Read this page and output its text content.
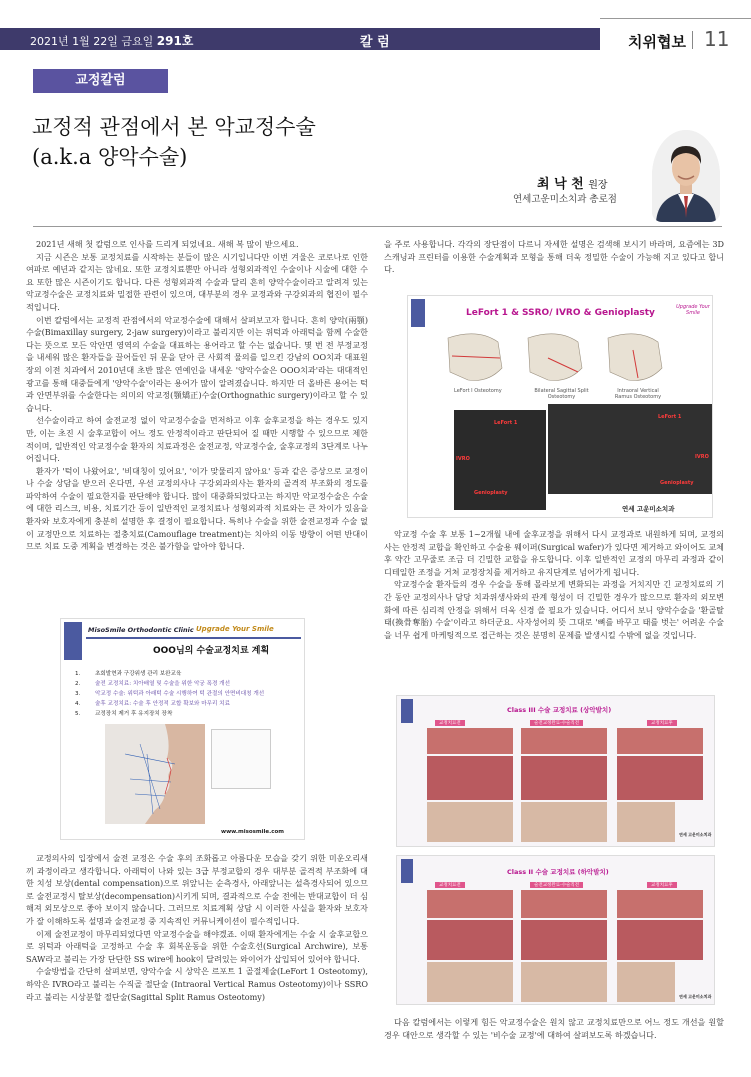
2021년 1월 22일 금요일 291호	칼 럼	치위협보 11
교정칼럼
교정적 관점에서 본 악교정수술
(a.k.a 양악수술)
최 낙 천 원장
연세고운미소치과 총로점

2021년 새해 첫 칼럼으로 인사를 드리게 되었네요. 새해 복 많이 받으세요.

지금 시즌은 보통 교정치료를 시작하는 분들이 많은 시기입니다만 이번 겨울은 코로나로 인한 여파로 예년과 같지는 않네요. 또한 교정치료뿐만 아니라 성형외과적인 수술이나 시술에 대한 수요 또한 많은 시즌이기도 합니다. 다른 성형외과적 수술과 달리 흔히 양악수술이라고 알려져 있는 악교정수술은 교정치료와 밀접한 관련이 있으며, 대부분의 경우 교정과와 구강외과의 협진이 필수적입니다.

이번 칼럼에서는 교정적 관점에서의 악교정수술에 대해서 살펴보고자 합니다. 흔히 양악(兩顎)수술(Bimaxillay surgery, 2-jaw surgery)이라고 불리지만 이는 위턱과 아래턱을 함께 수술한다는 뜻으로 모든 악안면 영역의 수술을 대표하는 용어라고 할 수는 없습니다. 몇 번 전 부정교정을 내세워 많은 환자들을 끌어들인 뒤 문을 닫아 큰 사회적 물의를 일으킨 강남의 OO치과 대표원장의 이전 치과에서 2010년대 초반 많은 연예인을 내세운 '양악수술은 OOO치과'라는 대대적인 광고를 통해 대중들에게 '양악수술'이라는 용어가 많이 알려졌습니다. 하지만 더 올바른 용어는 턱과 안면부위를 수술한다는 의미의 악교정(顎矯正)수술(Orthognathic surgery)이라고 할 수 있습니다.

선수술이라고 하여 술전교정 없이 악교정수술을 먼저하고 이후 술후교정을 하는 경우도 있지만, 이는 초진 시 술후교합이 어느 정도 안정적이라고 판단되어 질 때만 시행할 수 있으므로 제한적이며, 일반적인 악교정수술 환자의 치료과정은 술전교정, 악교정수술, 술후교정의 3단계로 나누어집니다.

환자가 '턱이 나왔어요', '비대칭이 있어요', '이가 맞물리지 않아요' 등과 같은 증상으로 교정이나 수술 상담을 받으러 온다면, 우선 교정의사나 구강외과의사는 환자의 골격적 부조화의 정도를 파악하여 수술이 필요한지를 판단해야 합니다. 많이 대중화되었다고는 하지만 악교정수술은 수술에 대한 리스크, 비용, 치료기간 등이 일반적인 교정치료나 성형외과적 치료와는 큰 차이가 있음을 환자와 보호자에게 충분히 설명한 후 결정이 필요합니다. 특히나 수술을 위한 술전교정과 수술 없이 교정만으로 치료하는 절충치료(Camouflage treatment)는 치아의 이동 방향이 어떤 반대이므로 치료 도중 계획을 변경하는 것은 불가함을 알아야 합니다.

교정의사의 입장에서 술전 교정은 수술 후의 조화롭고 아름다운 모습을 갖기 위한 미운오리새끼 과정이라고 생각합니다. 아래턱이 나와 있는 3급 부정교합의 경우 대부분 골격적 부조화에 대한 치성 보상(dental compensation)으로 위앞니는 순측경사, 아래앞니는 설측경사되어 있으므로 술전교정시 탈보상(decompensation)시키게 되며, 결과적으로 수술 전에는 반대교합이 더 심해져 외모상으로 좋아 보이지 않습니다. 그러므로 치료계획 상담 시 이러한 사실을 환자와 보호자가 잘 이해하도록 설명과 술전교정 중 지속적인 커뮤니케이션이 필수적입니다.

이제 술전교정이 마무리되었다면 악교정수술을 해야겠죠. 이때 환자에게는 수술 시 술후교합으로 위턱과 아래턱을 고정하고 수술 후 회복운동을 위한 수술호선(Surgical Archwire), 보통 SAW라고 불리는 가장 단단한 SS wire에 hook이 달려있는 와이어가 삽입되어 있어야 합니다.

수술방법을 간단히 살펴보면, 양악수술 시 상악은 르포트 1 골절제술(LeFort 1 Osteotomy), 하악은 IVRO라고 불리는 수직골 절단술 (Intraoral Vertical Ramus Osteotomy)이나 SSRO라고 불리는 시상분할 절단술(Sagittal Split Ramus Osteotomy)

을 주로 사용합니다. 각각의 장단점이 다르니 자세한 설명은 검색해 보시기 바라며, 요즘에는 3D 스캐닝과 프린터를 이용한 수술계획과 모형을 통해 더욱 정밀한 수술이 가능해 지고 있다고 합니다.

악교정 수술 후 보통 1~2개월 내에 술후교정을 위해서 다시 교정과로 내원하게 되며, 교정의사는 안정적 교합을 확인하고 수술용 웨이퍼(Surgical wafer)가 있다면 제거하고 와이어도 교체 후 약간 고무줄로 조금 더 긴밀한 교합을 유도합니다. 이후 일반적인 교정의 마무리 과정과 같이 디테일한 조정을 거쳐 교정장치를 제거하고 유지단계로 넘어가게 됩니다.

악교정수술 환자들의 경우 수술을 통해 몰라보게 변화되는 과정을 거치지만 긴 교정치료의 기간 동안 교정의사나 담당 치과위생사와의 관계 형성이 더 긴밀한 경우가 많으므로 환자의 외모변화에 따른 심리적 안정을 위해서 더욱 신경 쓸 필요가 있습니다. 어디서 보니 양악수술을 '환골탈태(換骨奪胎) 수술'이라고 하더군요. 사자성어의 뜻 그대로 '뼈를 바꾸고 태를 벗는' 어려운 수술을 너무 쉽게 마케팅적으로 접근하는 것은 분명히 문제를 발생시킬 수밖에 없을 것입니다.

다음 칼럼에서는 이렇게 힘든 악교정수술은 원치 않고 교정치료만으로 어느 정도 개선을 원할 경우 대안으로 생각할 수 있는 '비수술 교정'에 대하여 살펴보도록 하겠습니다.

MisoSmile Orthodontic Clinic Upgrade Your Smile
OOO님의 수술교정치료 계획
1.	초회발현과 구강위생 관리 보완교육
2.	술전 교정치료: 치아배열 및 수술을 위한 악궁 폭경 개선
3.	악교정 수술: 위턱과 아래턱 수술 시행하여 턱 관절의 안면비대칭 개선
4.	술후 교정치료: 수술 후 안정적 교합 확보와 마무리 치료
5.	교정장치 제거 후 유지장치 장착
www.misosmile.com
LeFort 1 & SSRO/ IVRO & Genioplasty
Upgrade Your Smile
LeFort I Osteotomy	Bilateral Sagittal Split Osteotomy
Intraoral Vertical Ramus Osteotomy
LeFort 1
IVRO
Genioplasty
LeFort 1
IVRO
Genioplasty
연세 고운미소치과
Class III 수술 교정치료 (상악발치)
교정치료전	술전교정완료-수술직전	교정치료후
연세 고운미소치과
Class II 수술 교정치료 (하악발치)
교정치료전	술전교정완료-수술직전	교정치료후
연세 고운미소치과
